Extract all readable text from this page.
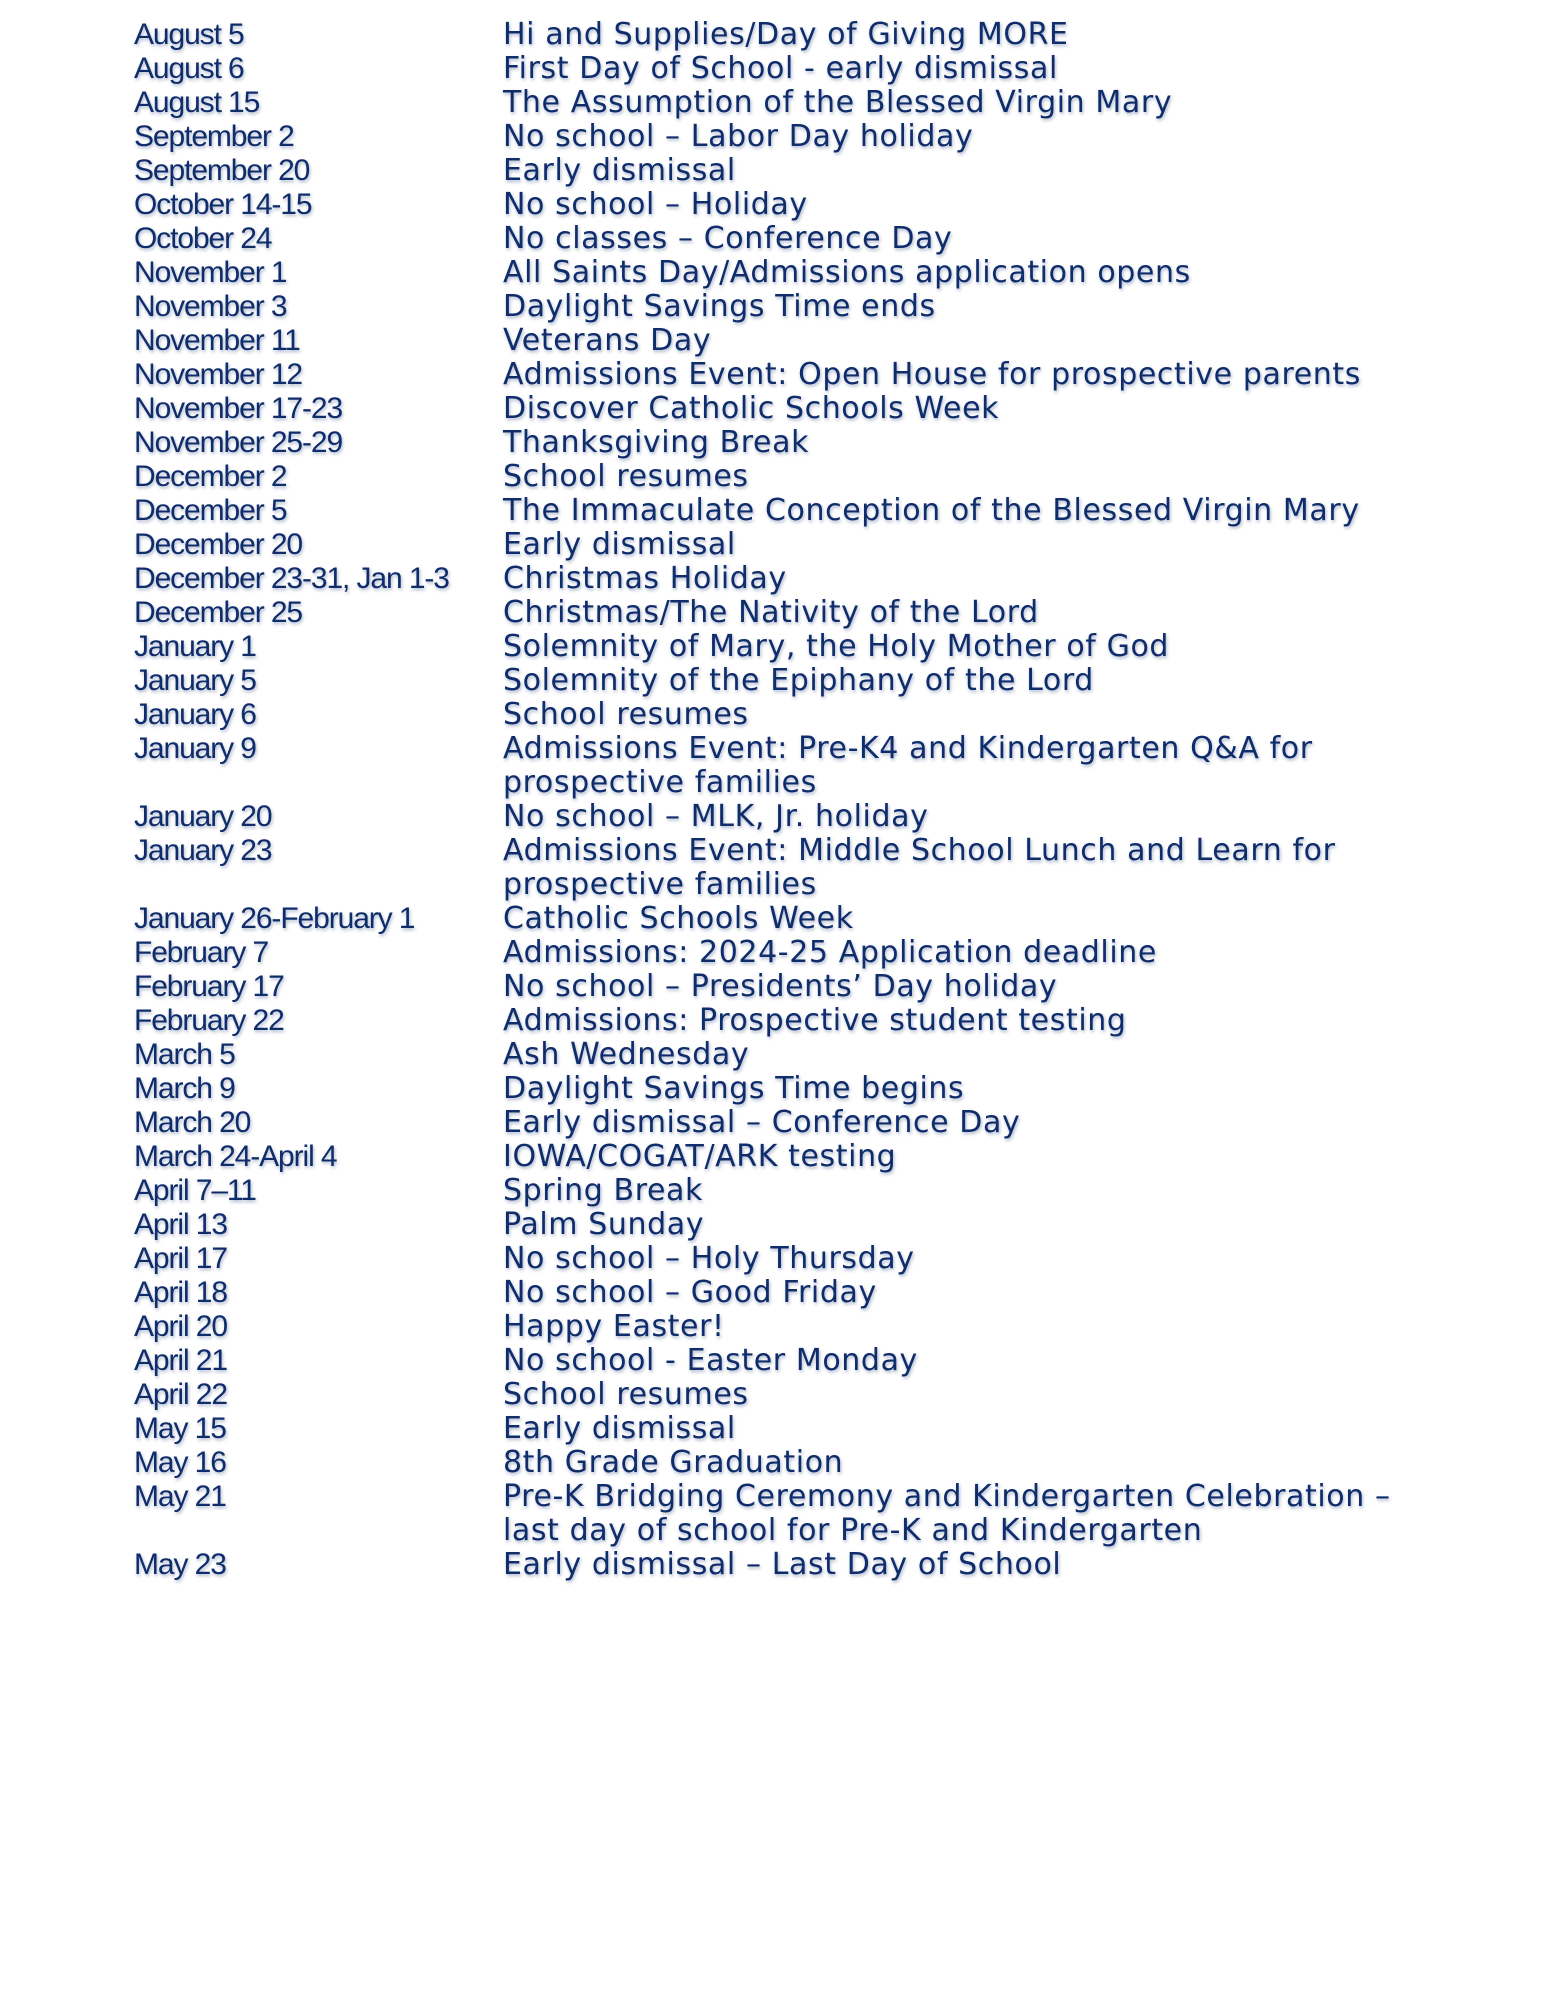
August 5	Hi and Supplies/Day of Giving MORE
August 6	First Day of School - early dismissal
August 15	The Assumption of the Blessed Virgin Mary
September 2	No school – Labor Day holiday
September 20	Early dismissal
October 14-15	No school – Holiday
October 24	No classes – Conference Day
November 1	All Saints Day/Admissions application opens
November 3	Daylight Savings Time ends
November 11	Veterans Day
November 12	Admissions Event: Open House for prospective parents
November 17-23	Discover Catholic Schools Week
November 25-29	Thanksgiving Break
December 2	School resumes
December 5	The Immaculate Conception of the Blessed Virgin Mary
December 20	Early dismissal
December 23-31, Jan 1-3	Christmas Holiday
December 25	Christmas/The Nativity of the Lord
January 1	Solemnity of Mary, the Holy Mother of God
January 5	Solemnity of the Epiphany of the Lord
January 6	School resumes
January 9	Admissions Event: Pre-K4 and Kindergarten Q&A for prospective families
January 20	No school – MLK, Jr. holiday
January 23	Admissions Event: Middle School Lunch and Learn for prospective families
January 26-February 1	Catholic Schools Week
February 7	Admissions: 2024-25 Application deadline
February 17	No school – Presidents’ Day holiday
February 22	Admissions: Prospective student testing
March 5	Ash Wednesday
March 9	Daylight Savings Time begins
March 20	Early dismissal – Conference Day
March 24-April 4	IOWA/COGAT/ARK testing
April 7–11	Spring Break
April 13	Palm Sunday
April 17	No school – Holy Thursday
April 18	No school – Good Friday
April 20	Happy Easter!
April 21	No school - Easter Monday
April 22	School resumes
May 15	Early dismissal
May 16	8th Grade Graduation
May 21	Pre-K Bridging Ceremony and Kindergarten Celebration – last day of school for Pre-K and Kindergarten
May 23	Early dismissal – Last Day of School
